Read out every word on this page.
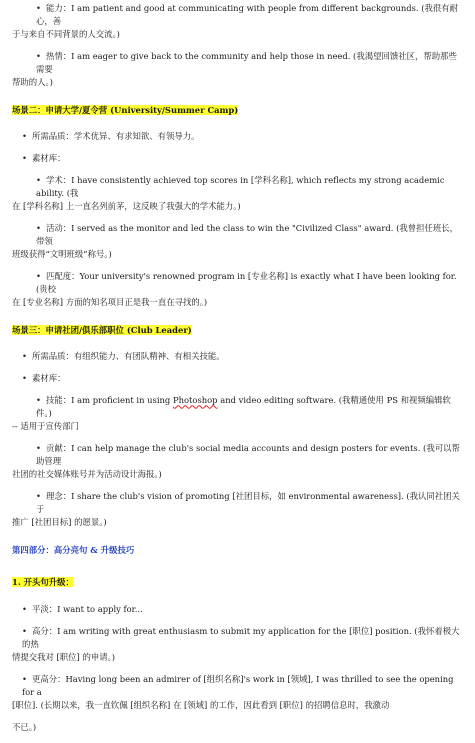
• 能力：I am patient and good at communicating with people from different backgrounds. (我很有耐心，善
于与来自不同背景的人交流。)
• 热情：I am eager to give back to the community and help those in need. (我渴望回馈社区，帮助那些需要
帮助的人。)
场景二：申请大学/夏令营 (University/Summer Camp)
• 所需品质：学术优异、有求知欲、有领导力。
• 素材库：
• 学术：I have consistently achieved top scores in [学科名称], which reflects my strong academic ability. (我
在 [学科名称] 上一直名列前茅，这反映了我强大的学术能力。)
• 活动：I served as the monitor and led the class to win the "Civilized Class" award. (我曾担任班长，带领
班级获得“文明班级”称号。)
• 匹配度：Your university's renowned program in [专业名称] is exactly what I have been looking for. (贵校
在 [专业名称] 方面的知名项目正是我一直在寻找的。)
场景三：申请社团/俱乐部职位 (Club Leader)
• 所需品质：有组织能力、有团队精神、有相关技能。
• 素材库：
• 技能：I am proficient in using Photoshop and video editing software. (我精通使用 PS 和视频编辑软件。)
-- 适用于宣传部门
• 贡献：I can help manage the club's social media accounts and design posters for events. (我可以帮助管理
社团的社交媒体账号并为活动设计海报。)
• 理念：I share the club's vision of promoting [社团目标，如 environmental awareness]. (我认同社团关于
推广 [社团目标] 的愿景。)
第四部分：高分亮句 & 升级技巧
1. 开头句升级：
• 平淡：I want to apply for...
• 高分：I am writing with great enthusiasm to submit my application for the [职位] position. (我怀着极大的热
情提交我对 [职位] 的申请。)
• 更高分：Having long been an admirer of [组织名称]'s work in [领域], I was thrilled to see the opening for a
[职位]. (长期以来，我一直钦佩 [组织名称] 在 [领域] 的工作，因此看到 [职位] 的招聘信息时，我激动
不已。)
